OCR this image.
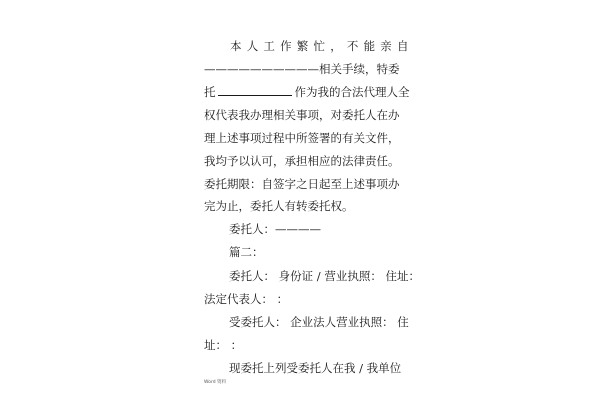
本人工作繁忙，不能亲自
——————————相关手续，特委
托	作为我的合法代理人全
权代表我办理相关事项，对委托人在办
理上述事项过程中所签署的有关文件，
我均予以认可，承担相应的法律责任。
委托期限：自签字之日起至上述事项办
完为止，委托人有转委托权。
委托人：————
篇二：
委托人： 身份证 / 营业执照： 住址：
法定代表人： ：
受委托人： 企业法人营业执照： 住
址： ：
现委托上列受委托人在我 / 我单位
Word 资料
